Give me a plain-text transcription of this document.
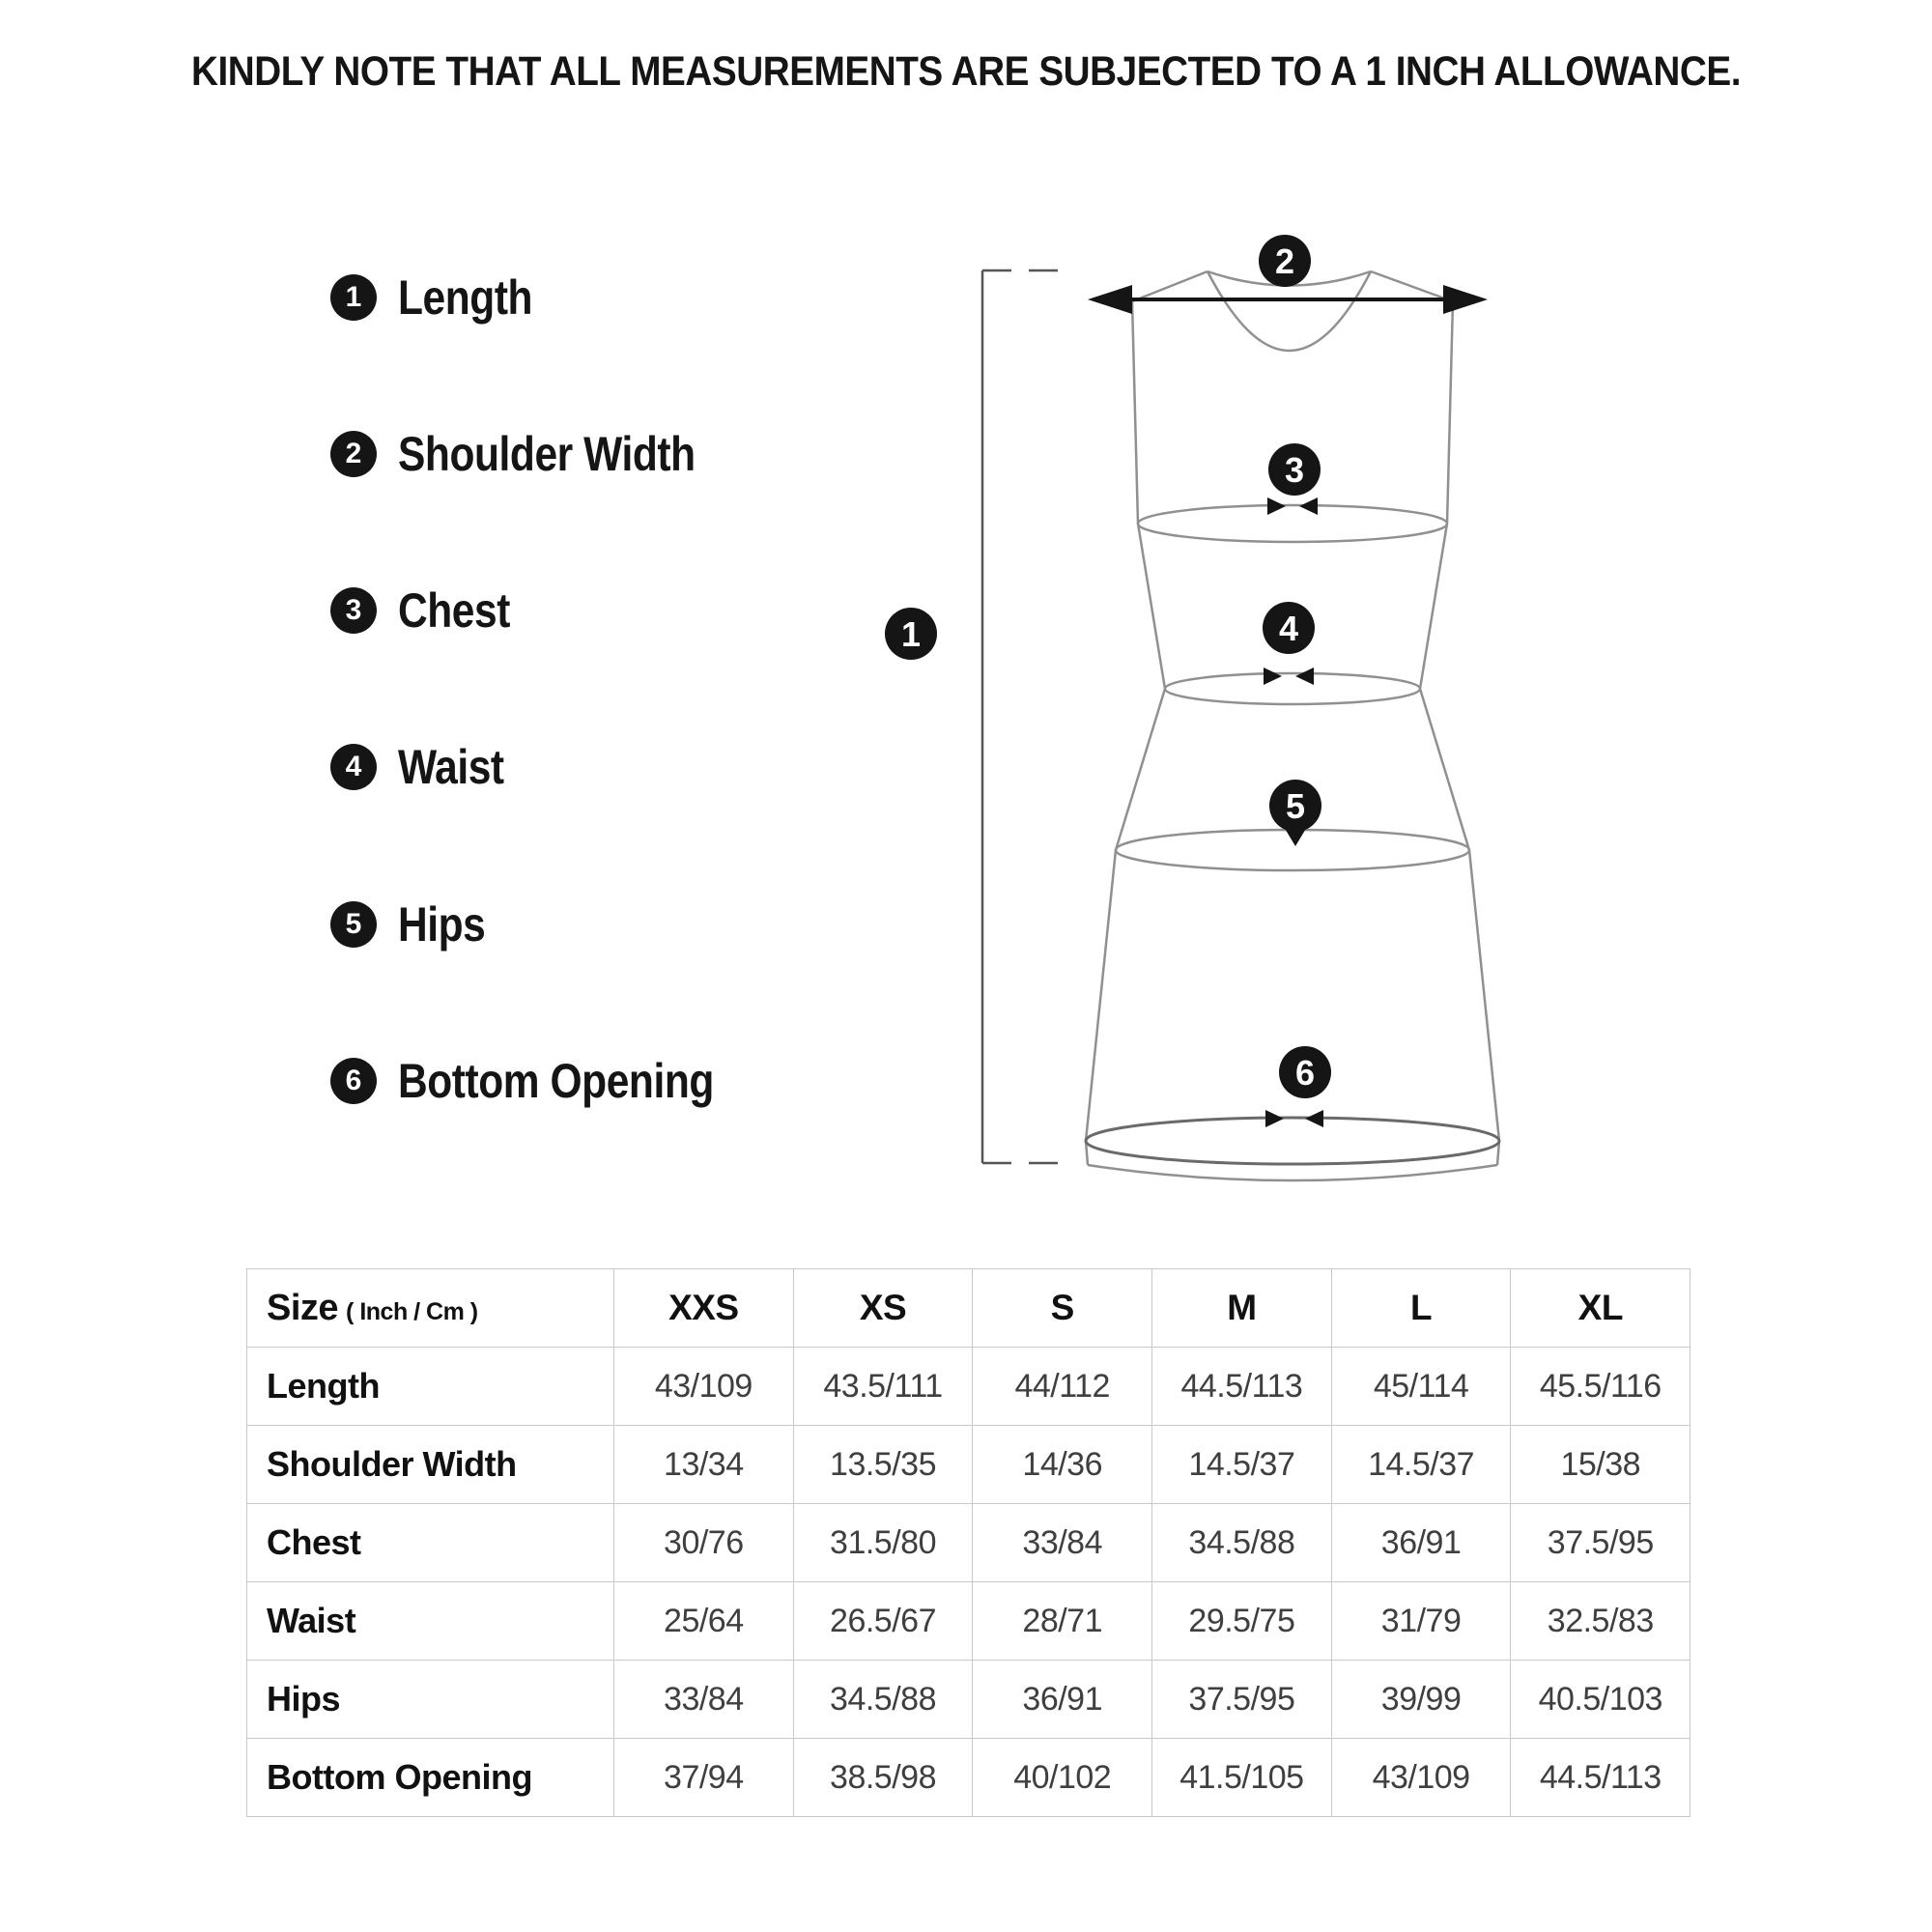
KINDLY NOTE THAT ALL MEASUREMENTS ARE SUBJECTED TO A 1 INCH ALLOWANCE.
1 Length
2 Shoulder Width
3 Chest
4 Waist
5 Hips
6 Bottom Opening
1
2
3
4
5
6
Size ( Inch / Cm )	XXS	XS	S	M	L	XL
Length	43/109	43.5/111	44/112	44.5/113	45/114	45.5/116
Shoulder Width	13/34	13.5/35	14/36	14.5/37	14.5/37	15/38
Chest	30/76	31.5/80	33/84	34.5/88	36/91	37.5/95
Waist	25/64	26.5/67	28/71	29.5/75	31/79	32.5/83
Hips	33/84	34.5/88	36/91	37.5/95	39/99	40.5/103
Bottom Opening	37/94	38.5/98	40/102	41.5/105	43/109	44.5/113
